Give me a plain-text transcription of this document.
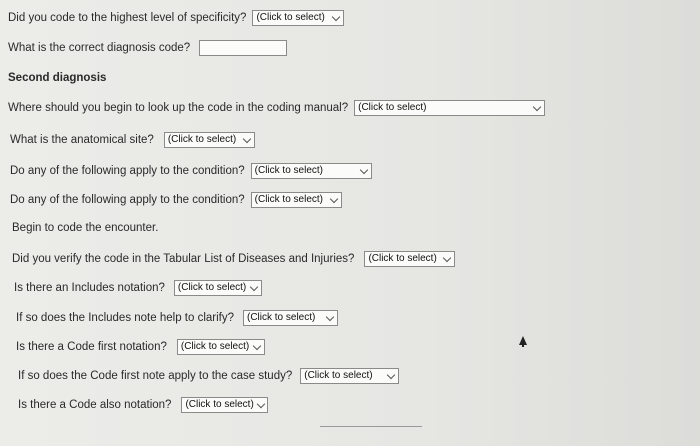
Did you code to the highest level of specificity? (Click to select)
What is the correct diagnosis code?
Second diagnosis
Where should you begin to look up the code in the coding manual? (Click to select)
What is the anatomical site? (Click to select)
Do any of the following apply to the condition? (Click to select)
Do any of the following apply to the condition? (Click to select)
Begin to code the encounter.
Did you verify the code in the Tabular List of Diseases and Injuries? (Click to select)
Is there an Includes notation? (Click to select)
If so does the Includes note help to clarify? (Click to select)
Is there a Code first notation? (Click to select)
If so does the Code first note apply to the case study? (Click to select)
Is there a Code also notation? (Click to select)
